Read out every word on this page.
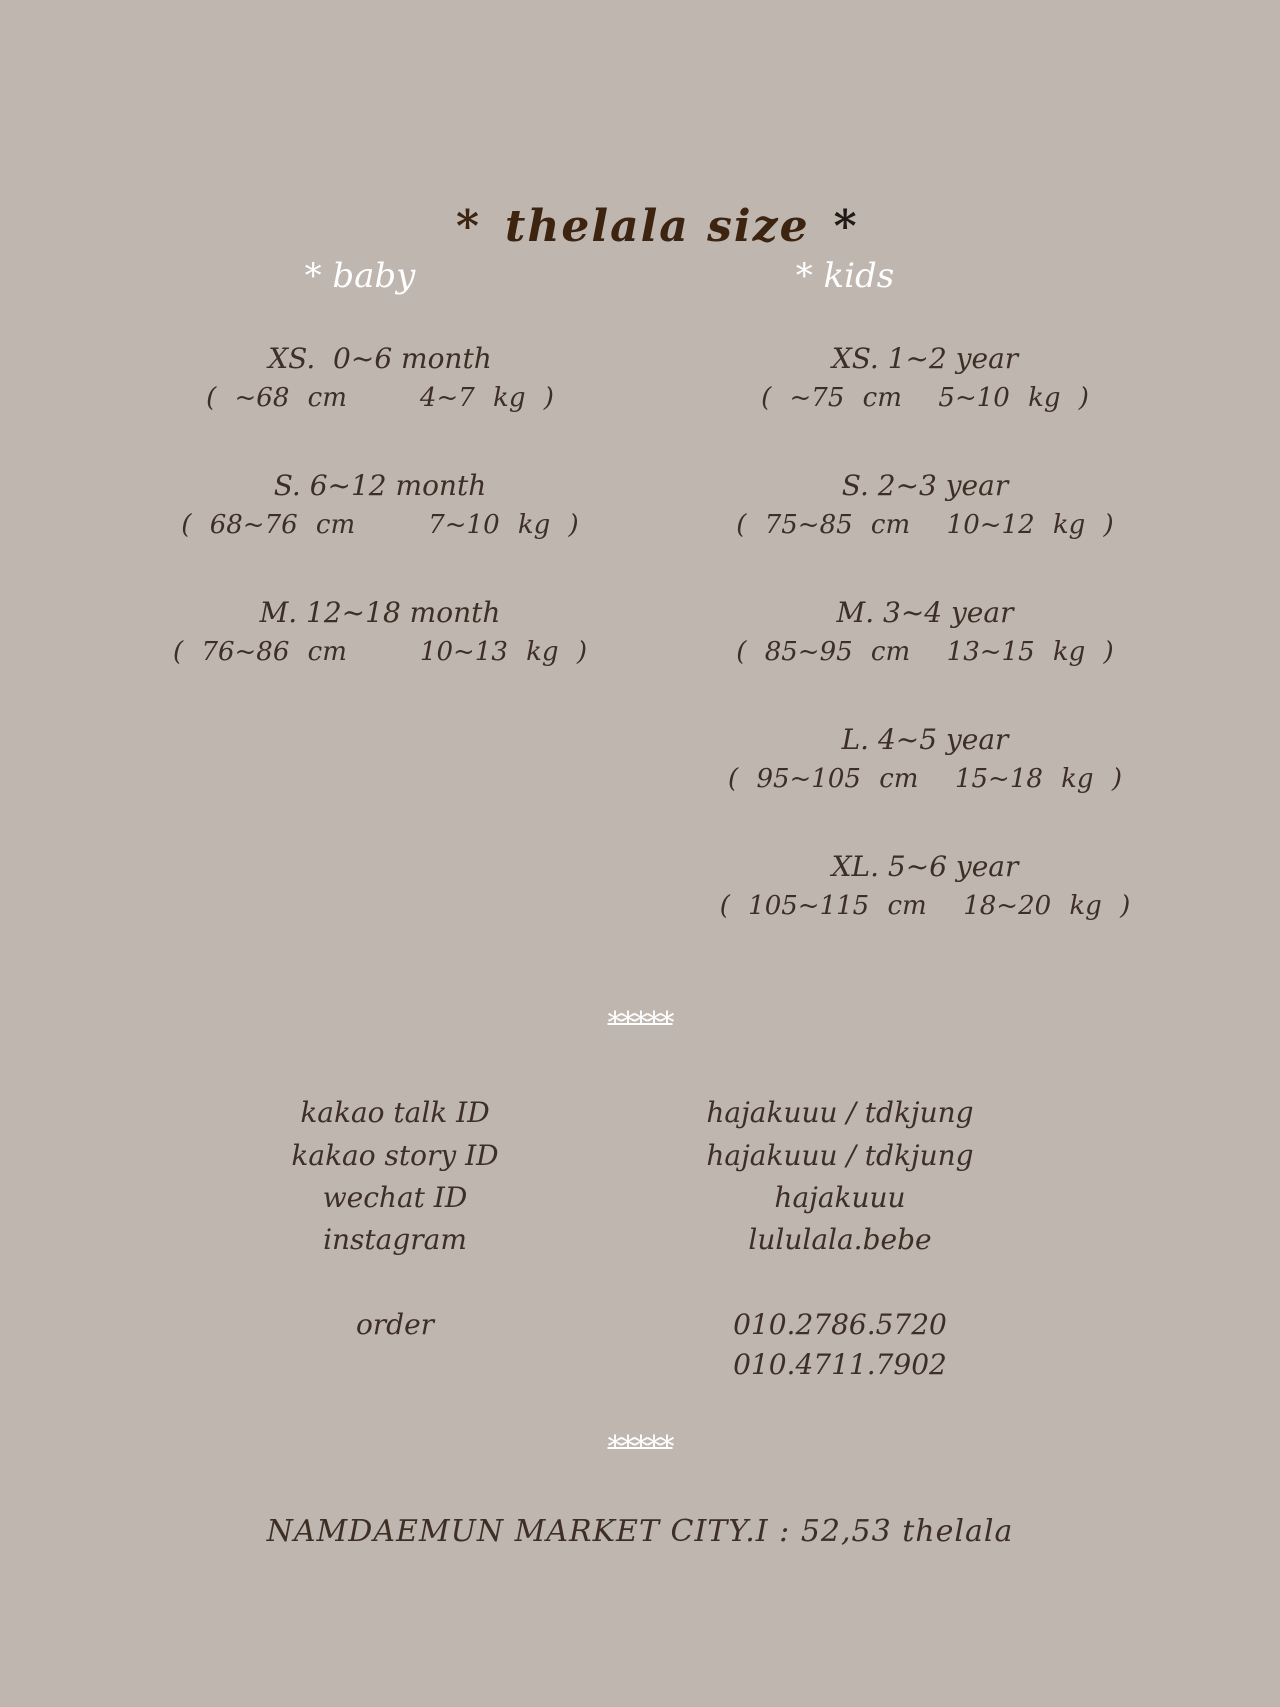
* thelala size *

* baby	* kids
XS.  0~6 month
( ~68 cm    4~7 kg )
S. 6~12 month
( 68~76 cm    7~10 kg )
M. 12~18 month
( 76~86 cm    10~13 kg )
XS. 1~2 year
( ~75 cm  5~10 kg )
S. 2~3 year
( 75~85 cm  10~12 kg )
M. 3~4 year
( 85~95 cm  13~15 kg )
L. 4~5 year
( 95~105 cm  15~18 kg )
XL. 5~6 year
( 105~115 cm  18~20 kg )
*****
kakao talk ID	hajakuuu / tdkjung
kakao story ID	hajakuuu / tdkjung
wechat ID	hajakuuu
instagram	lululala.bebe
order	010.2786.5720
010.4711.7902
*****
NAMDAEMUN MARKET CITY.I : 52,53 thelala
